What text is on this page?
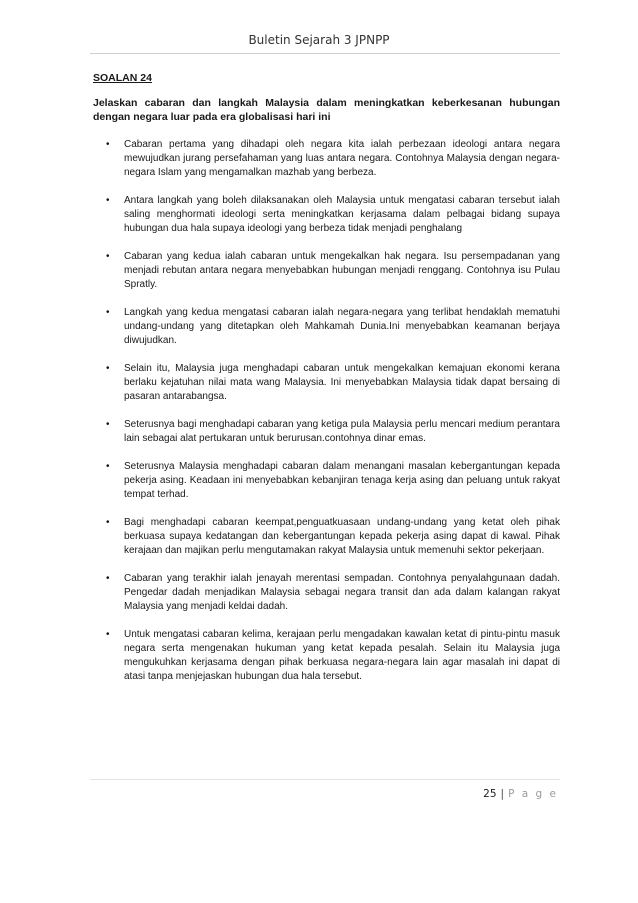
Buletin Sejarah 3 JPNPP
SOALAN 24
Jelaskan cabaran dan langkah Malaysia dalam meningkatkan keberkesanan hubungan dengan negara luar pada era globalisasi hari ini
• Cabaran pertama yang dihadapi oleh negara kita ialah perbezaan ideologi antara negara mewujudkan jurang persefahaman yang luas antara negara. Contohnya Malaysia dengan negara-negara Islam yang mengamalkan mazhab yang berbeza.
• Antara langkah yang boleh dilaksanakan oleh Malaysia untuk mengatasi cabaran tersebut ialah saling menghormati ideologi serta meningkatkan kerjasama dalam pelbagai bidang supaya hubungan dua hala supaya ideologi yang berbeza tidak menjadi penghalang
• Cabaran yang kedua ialah cabaran untuk mengekalkan hak negara. Isu persempadanan yang menjadi rebutan antara negara menyebabkan hubungan menjadi renggang. Contohnya isu Pulau Spratly.
• Langkah yang kedua mengatasi cabaran ialah negara-negara yang terlibat hendaklah mematuhi undang-undang yang ditetapkan oleh Mahkamah Dunia.Ini menyebabkan keamanan berjaya diwujudkan.
• Selain itu, Malaysia juga menghadapi cabaran untuk mengekalkan kemajuan ekonomi kerana berlaku kejatuhan nilai mata wang Malaysia. Ini menyebabkan Malaysia tidak dapat bersaing di pasaran antarabangsa.
• Seterusnya bagi menghadapi cabaran yang ketiga pula Malaysia perlu mencari medium perantara lain sebagai alat pertukaran untuk berurusan.contohnya dinar emas.
• Seterusnya Malaysia menghadapi cabaran dalam menangani masalan kebergantungan kepada pekerja asing. Keadaan ini menyebabkan kebanjiran tenaga kerja asing dan peluang untuk rakyat tempat terhad.
• Bagi menghadapi cabaran keempat,penguatkuasaan undang-undang yang ketat oleh pihak berkuasa supaya kedatangan dan kebergantungan kepada pekerja asing dapat di kawal. Pihak kerajaan dan majikan perlu mengutamakan rakyat Malaysia untuk memenuhi sektor pekerjaan.
• Cabaran yang terakhir ialah jenayah merentasi sempadan. Contohnya penyalahgunaan dadah. Pengedar dadah menjadikan Malaysia sebagai negara transit dan ada dalam kalangan rakyat Malaysia yang menjadi keldai dadah.
• Untuk mengatasi cabaran kelima, kerajaan perlu mengadakan kawalan ketat di pintu-pintu masuk negara serta mengenakan hukuman yang ketat kepada pesalah. Selain itu Malaysia juga mengukuhkan kerjasama dengan pihak berkuasa negara-negara lain agar masalah ini dapat di atasi tanpa menjejaskan hubungan dua hala tersebut.
25 | P a g e
